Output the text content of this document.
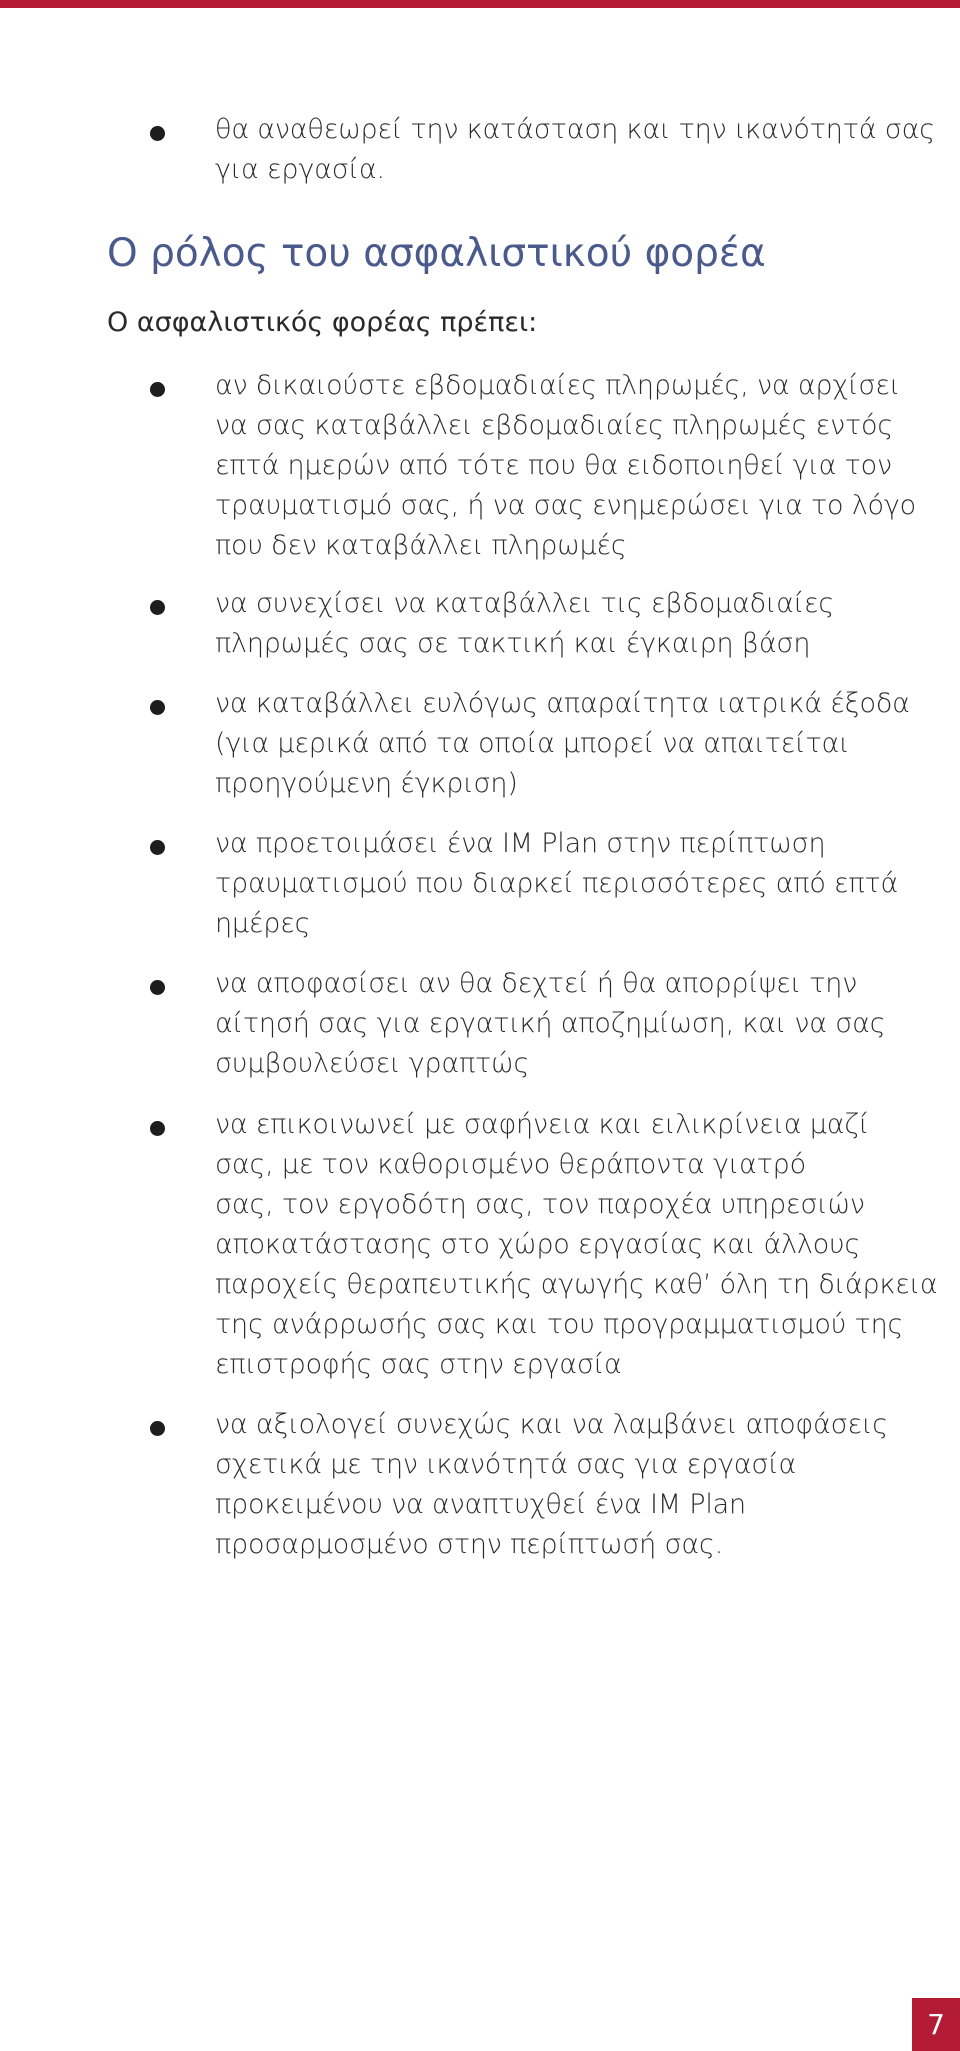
θα αναθεωρεί την κατάσταση και την ικανότητά σας
για εργασία.
Ο ρόλος του ασφαλιστικού φορέα

Ο ασφαλιστικός φορέας πρέπει:

αν δικαιούστε εβδομαδιαίες πληρωμές, να αρχίσει
να σας καταβάλλει εβδομαδιαίες πληρωμές εντός
επτά ημερών από τότε που θα ειδοποιηθεί για τον
τραυματισμό σας, ή να σας ενημερώσει για το λόγο
που δεν καταβάλλει πληρωμές
να συνεχίσει να καταβάλλει τις εβδομαδιαίες
πληρωμές σας σε τακτική και έγκαιρη βάση
να καταβάλλει ευλόγως απαραίτητα ιατρικά έξοδα
(για μερικά από τα οποία μπορεί να απαιτείται
προηγούμενη έγκριση)
να προετοιμάσει ένα IM Plan στην περίπτωση
τραυματισμού που διαρκεί περισσότερες από επτά
ημέρες
να αποφασίσει αν θα δεχτεί ή θα απορρίψει την
αίτησή σας για εργατική αποζημίωση, και να σας
συμβουλεύσει γραπτώς
να επικοινωνεί με σαφήνεια και ειλικρίνεια μαζί
σας, με τον καθορισμένο θεράποντα γιατρό
σας, τον εργοδότη σας, τον παροχέα υπηρεσιών
αποκατάστασης στο χώρο εργασίας και άλλους
παροχείς θεραπευτικής αγωγής καθ’ όλη τη διάρκεια
της ανάρρωσής σας και του προγραμματισμού της
επιστροφής σας στην εργασία
να αξιολογεί συνεχώς και να λαμβάνει αποφάσεις
σχετικά με την ικανότητά σας για εργασία
προκειμένου να αναπτυχθεί ένα IM Plan
προσαρμοσμένο στην περίπτωσή σας.
7
